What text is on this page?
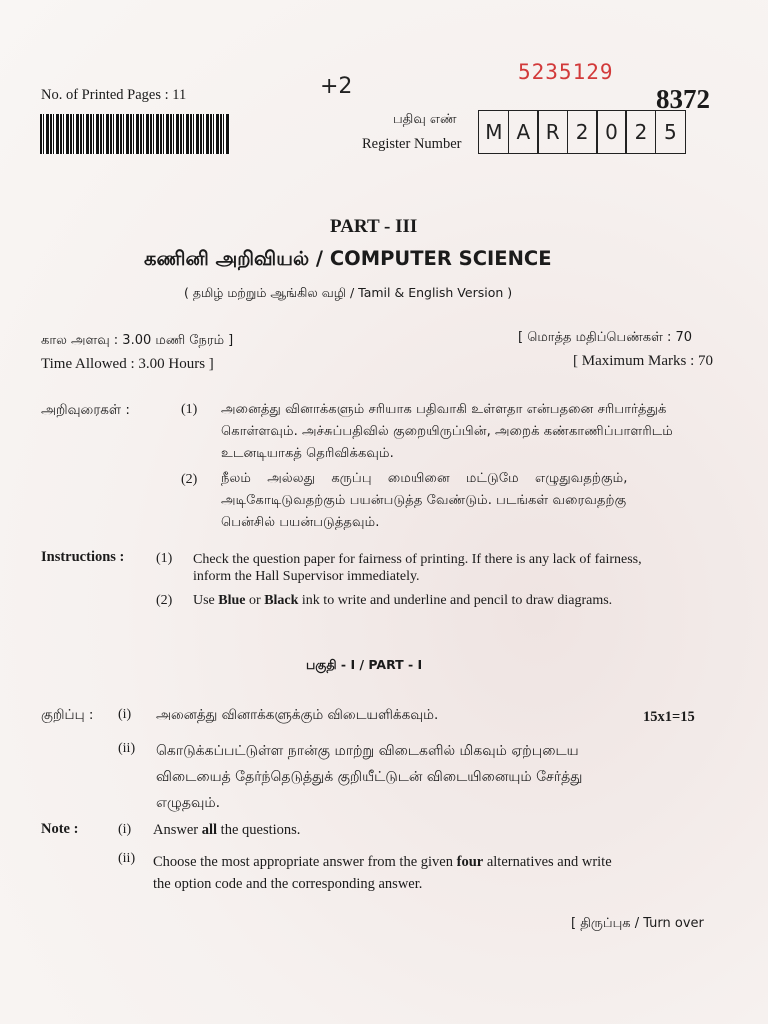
No. of Printed Pages : 11	+2
5235129
8372
பதிவு எண்
Register Number	M A R 2 0 2 5
PART - III
கணினி அறிவியல் / COMPUTER SCIENCE
( தமிழ் மற்றும் ஆங்கில வழி / Tamil & English Version )
கால அளவு : 3.00 மணி நேரம் ]	[ மொத்த மதிப்பெண்கள் : 70
Time Allowed : 3.00 Hours ]	[ Maximum Marks : 70
அறிவுரைகள் :	(1) அனைத்து வினாக்களும் சரியாக பதிவாகி உள்ளதா என்பதனை சரிபார்த்துக்
கொள்ளவும். அச்சுப்பதிவில் குறையிருப்பின், அறைக் கண்காணிப்பாளரிடம்
உடனடியாகத் தெரிவிக்கவும்.
(2) நீலம் அல்லது கருப்பு மையினை மட்டுமே எழுதுவதற்கும்,
அடிகோடிடுவதற்கும் பயன்படுத்த வேண்டும். படங்கள் வரைவதற்கு
பென்சில் பயன்படுத்தவும்.
Instructions : (1) Check the question paper for fairness of printing. If there is any lack of fairness,
inform the Hall Supervisor immediately.
(2) Use Blue or Black ink to write and underline and pencil to draw diagrams.
பகுதி - I / PART - I
குறிப்பு : (i) அனைத்து வினாக்களுக்கும் விடையளிக்கவும்.	15x1=15
(ii) கொடுக்கப்பட்டுள்ள நான்கு மாற்று விடைகளில் மிகவும் ஏற்புடைய
விடையைத் தேர்ந்தெடுத்துக் குறியீட்டுடன் விடையினையும் சேர்த்து
எழுதவும்.
Note :	(i) Answer all the questions.
(ii) Choose the most appropriate answer from the given four alternatives and write
the option code and the corresponding answer.
[ திருப்புக / Turn over
